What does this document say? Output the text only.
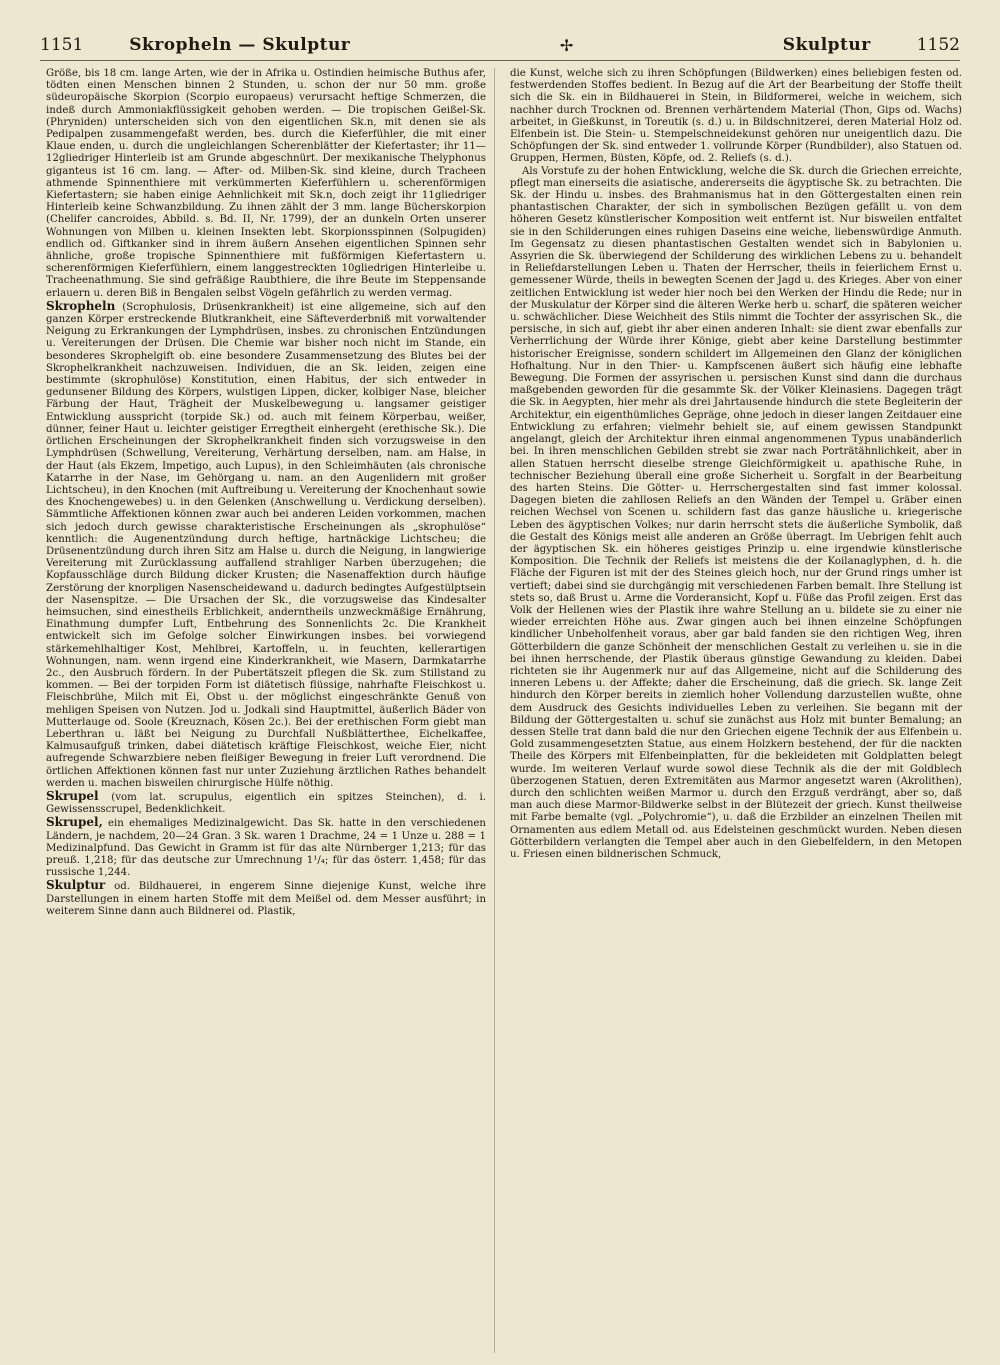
1151	Skropheln — Skulptur	✢	Skulptur	1152

Größe, bis 18 cm. lange Arten, wie der in Afrika u. Ostindien heimische Buthus afer, tödten einen Menschen binnen 2 Stunden, u. schon der nur 50 mm. große südeuropäische Skorpion (Scorpio europaeus) verursacht heftige Schmerzen, die indeß durch Ammoniakflüssigkeit gehoben werden. — Die tropischen Geißel-Sk. (Phryniden) unterscheiden sich von den eigentlichen Sk.n, mit denen sie als Pedipalpen zusammengefaßt werden, bes. durch die Kieferfühler, die mit einer Klaue enden, u. durch die ungleichlangen Scherenblätter der Kiefertaster; ihr 11—12gliedriger Hinterleib ist am Grunde abgeschnürt. Der mexikanische Thelyphonus giganteus ist 16 cm. lang. — After- od. Milben-Sk. sind kleine, durch Tracheen athmende Spinnenthiere mit verkümmerten Kieferfühlern u. scherenförmigen Kiefertastern; sie haben einige Aehnlichkeit mit Sk.n, doch zeigt ihr 11gliedriger Hinterleib keine Schwanzbildung. Zu ihnen zählt der 3 mm. lange Bücherskorpion (Chelifer cancroides, Abbild. s. Bd. II, Nr. 1799), der an dunkeln Orten unserer Wohnungen von Milben u. kleinen Insekten lebt. Skorpionsspinnen (Solpugiden) endlich od. Giftkanker sind in ihrem äußern Ansehen eigentlichen Spinnen sehr ähnliche, große tropische Spinnenthiere mit fußförmigen Kiefertastern u. scherenförmigen Kieferfühlern, einem langgestreckten 10gliedrigen Hinterleibe u. Tracheenathmung. Sie sind gefräßige Raubthiere, die ihre Beute im Steppensande erlauern u. deren Biß in Bengalen selbst Vögeln gefährlich zu werden vermag.

Skropheln (Scrophulosis, Drüsenkrankheit) ist eine allgemeine, sich auf den ganzen Körper erstreckende Blutkrankheit, eine Säfteverderbniß mit vorwaltender Neigung zu Erkrankungen der Lymphdrüsen, insbes. zu chronischen Entzündungen u. Vereiterungen der Drüsen. Die Chemie war bisher noch nicht im Stande, ein besonderes Skrophelgift ob. eine besondere Zusammensetzung des Blutes bei der Skrophelkrankheit nachzuweisen. Individuen, die an Sk. leiden, zeigen eine bestimmte (skrophulöse) Konstitution, einen Habitus, der sich entweder in gedunsener Bildung des Körpers, wulstigen Lippen, dicker, kolbiger Nase, bleicher Färbung der Haut, Trägheit der Muskelbewegung u. langsamer geistiger Entwicklung ausspricht (torpide Sk.) od. auch mit feinem Körperbau, weißer, dünner, feiner Haut u. leichter geistiger Erregtheit einhergeht (erethische Sk.). Die örtlichen Erscheinungen der Skrophelkrankheit finden sich vorzugsweise in den Lymphdrüsen (Schwellung, Vereiterung, Verhärtung derselben, nam. am Halse, in der Haut (als Ekzem, Impetigo, auch Lupus), in den Schleimhäuten (als chronische Katarrhe in der Nase, im Gehörgang u. nam. an den Augenlidern mit großer Lichtscheu), in den Knochen (mit Auftreibung u. Vereiterung der Knochenhaut sowie des Knochengewebes) u. in den Gelenken (Anschwellung u. Verdickung derselben). Sämmtliche Affektionen können zwar auch bei anderen Leiden vorkommen, machen sich jedoch durch gewisse charakteristische Erscheinungen als „skrophulöse“ kenntlich: die Augenentzündung durch heftige, hartnäckige Lichtscheu; die Drüsenentzündung durch ihren Sitz am Halse u. durch die Neigung, in langwierige Vereiterung mit Zurücklassung auffallend strahliger Narben überzugehen; die Kopfausschläge durch Bildung dicker Krusten; die Nasenaffektion durch häufige Zerstörung der knorpligen Nasenscheidewand u. dadurch bedingtes Aufgestülptsein der Nasenspitze. — Die Ursachen der Sk., die vorzugsweise das Kindesalter heimsuchen, sind einestheils Erblichkeit, anderntheils unzweckmäßige Ernährung, Einathmung dumpfer Luft, Entbehrung des Sonnenlichts 2c. Die Krankheit entwickelt sich im Gefolge solcher Einwirkungen insbes. bei vorwiegend stärkemehlhaltiger Kost, Mehlbrei, Kartoffeln, u. in feuchten, kellerartigen Wohnungen, nam. wenn irgend eine Kinderkrankheit, wie Masern, Darmkatarrhe 2c., den Ausbruch fördern. In der Pubertätszeit pflegen die Sk. zum Stillstand zu kommen. — Bei der torpiden Form ist diätetisch flüssige, nahrhafte Fleischkost u. Fleischbrühe, Milch mit Ei, Obst u. der möglichst eingeschränkte Genuß von mehligen Speisen von Nutzen. Jod u. Jodkali sind Hauptmittel, äußerlich Bäder von Mutterlauge od. Soole (Kreuznach, Kösen 2c.). Bei der erethischen Form giebt man Leberthran u. läßt bei Neigung zu Durchfall Nußblätterthee, Eichelkaffee, Kalmusaufguß trinken, dabei diätetisch kräftige Fleischkost, weiche Eier, nicht aufregende Schwarzbiere neben fleißiger Bewegung in freier Luft verordnend. Die örtlichen Affektionen können fast nur unter Zuziehung ärztlichen Rathes behandelt werden u. machen bisweilen chirurgische Hülfe nöthig.

Skrupel (vom lat. scrupulus, eigentlich ein spitzes Steinchen), d. i. Gewissensscrupel, Bedenklichkeit.

Skrupel, ein ehemaliges Medizinalgewicht. Das Sk. hatte in den verschiedenen Ländern, je nachdem, 20—24 Gran. 3 Sk. waren 1 Drachme, 24 = 1 Unze u. 288 = 1 Medizinalpfund. Das Gewicht in Gramm ist für das alte Nürnberger 1,213; für das preuß. 1,218; für das deutsche zur Umrechnung 1¹/₄; für das österr. 1,458; für das russische 1,244.

Skulptur od. Bildhauerei, in engerem Sinne diejenige Kunst, welche ihre Darstellungen in einem harten Stoffe mit dem Meißel od. dem Messer ausführt; in weiterem Sinne dann auch Bildnerei od. Plastik,

die Kunst, welche sich zu ihren Schöpfungen (Bildwerken) eines beliebigen festen od. festwerdenden Stoffes bedient. In Bezug auf die Art der Bearbeitung der Stoffe theilt sich die Sk. ein in Bildhauerei in Stein, in Bildformerei, welche in weichem, sich nachher durch Trocknen od. Brennen verhärtendem Material (Thon, Gips od. Wachs) arbeitet, in Gießkunst, in Toreutik (s. d.) u. in Bildschnitzerei, deren Material Holz od. Elfenbein ist. Die Stein- u. Stempelschneidekunst gehören nur uneigentlich dazu. Die Schöpfungen der Sk. sind entweder 1. vollrunde Körper (Rundbilder), also Statuen od. Gruppen, Hermen, Büsten, Köpfe, od. 2. Reliefs (s. d.).

Als Vorstufe zu der hohen Entwicklung, welche die Sk. durch die Griechen erreichte, pflegt man einerseits die asiatische, andererseits die ägyptische Sk. zu betrachten. Die Sk. der Hindu u. insbes. des Brahmanismus hat in den Göttergestalten einen rein phantastischen Charakter, der sich in symbolischen Bezügen gefällt u. von dem höheren Gesetz künstlerischer Komposition weit entfernt ist. Nur bisweilen entfaltet sie in den Schilderungen eines ruhigen Daseins eine weiche, liebenswürdige Anmuth. Im Gegensatz zu diesen phantastischen Gestalten wendet sich in Babylonien u. Assyrien die Sk. überwiegend der Schilderung des wirklichen Lebens zu u. behandelt in Reliefdarstellungen Leben u. Thaten der Herrscher, theils in feierlichem Ernst u. gemessener Würde, theils in bewegten Scenen der Jagd u. des Krieges. Aber von einer zeitlichen Entwicklung ist weder hier noch bei den Werken der Hindu die Rede; nur in der Muskulatur der Körper sind die älteren Werke herb u. scharf, die späteren weicher u. schwächlicher. Diese Weichheit des Stils nimmt die Tochter der assyrischen Sk., die persische, in sich auf, giebt ihr aber einen anderen Inhalt: sie dient zwar ebenfalls zur Verherrlichung der Würde ihrer Könige, giebt aber keine Darstellung bestimmter historischer Ereignisse, sondern schildert im Allgemeinen den Glanz der königlichen Hofhaltung. Nur in den Thier- u. Kampfscenen äußert sich häufig eine lebhafte Bewegung. Die Formen der assyrischen u. persischen Kunst sind dann die durchaus maßgebenden geworden für die gesammte Sk. der Völker Kleinasiens. Dagegen trägt die Sk. in Aegypten, hier mehr als drei Jahrtausende hindurch die stete Begleiterin der Architektur, ein eigenthümliches Gepräge, ohne jedoch in dieser langen Zeitdauer eine Entwicklung zu erfahren; vielmehr behielt sie, auf einem gewissen Standpunkt angelangt, gleich der Architektur ihren einmal angenommenen Typus unabänderlich bei. In ihren menschlichen Gebilden strebt sie zwar nach Porträtähnlichkeit, aber in allen Statuen herrscht dieselbe strenge Gleichförmigkeit u. apathische Ruhe, in technischer Beziehung überall eine große Sicherheit u. Sorgfalt in der Bearbeitung des harten Steins. Die Götter- u. Herrschergestalten sind fast immer kolossal. Dagegen bieten die zahllosen Reliefs an den Wänden der Tempel u. Gräber einen reichen Wechsel von Scenen u. schildern fast das ganze häusliche u. kriegerische Leben des ägyptischen Volkes; nur darin herrscht stets die äußerliche Symbolik, daß die Gestalt des Königs meist alle anderen an Größe überragt. Im Uebrigen fehlt auch der ägyptischen Sk. ein höheres geistiges Prinzip u. eine irgendwie künstlerische Komposition. Die Technik der Reliefs ist meistens die der Koilanaglyphen, d. h. die Fläche der Figuren ist mit der des Steines gleich hoch, nur der Grund rings umher ist vertieft; dabei sind sie durchgängig mit verschiedenen Farben bemalt. Ihre Stellung ist stets so, daß Brust u. Arme die Vorderansicht, Kopf u. Füße das Profil zeigen. Erst das Volk der Hellenen wies der Plastik ihre wahre Stellung an u. bildete sie zu einer nie wieder erreichten Höhe aus. Zwar gingen auch bei ihnen einzelne Schöpfungen kindlicher Unbeholfenheit voraus, aber gar bald fanden sie den richtigen Weg, ihren Götterbildern die ganze Schönheit der menschlichen Gestalt zu verleihen u. sie in die bei ihnen herrschende, der Plastik überaus günstige Gewandung zu kleiden. Dabei richteten sie ihr Augenmerk nur auf das Allgemeine, nicht auf die Schilderung des inneren Lebens u. der Affekte; daher die Erscheinung, daß die griech. Sk. lange Zeit hindurch den Körper bereits in ziemlich hoher Vollendung darzustellen wußte, ohne dem Ausdruck des Gesichts individuelles Leben zu verleihen. Sie begann mit der Bildung der Göttergestalten u. schuf sie zunächst aus Holz mit bunter Bemalung; an dessen Stelle trat dann bald die nur den Griechen eigene Technik der aus Elfenbein u. Gold zusammengesetzten Statue, aus einem Holzkern bestehend, der für die nackten Theile des Körpers mit Elfenbeinplatten, für die bekleideten mit Goldplatten belegt wurde. Im weiteren Verlauf wurde sowol diese Technik als die der mit Goldblech überzogenen Statuen, deren Extremitäten aus Marmor angesetzt waren (Akrolithen), durch den schlichten weißen Marmor u. durch den Erzguß verdrängt, aber so, daß man auch diese Marmor-Bildwerke selbst in der Blütezeit der griech. Kunst theilweise mit Farbe bemalte (vgl. „Polychromie“), u. daß die Erzbilder an einzelnen Theilen mit Ornamenten aus edlem Metall od. aus Edelsteinen geschmückt wurden. Neben diesen Götterbildern verlangten die Tempel aber auch in den Giebelfeldern, in den Metopen u. Friesen einen bildnerischen Schmuck,
